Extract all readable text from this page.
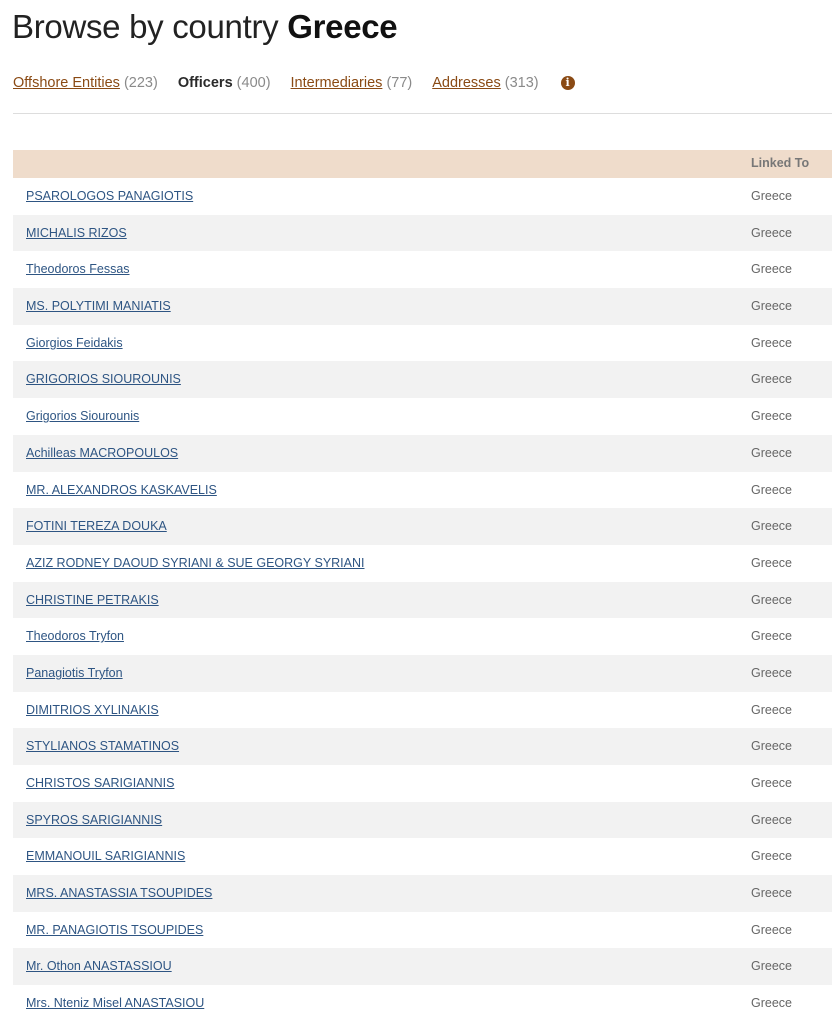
Browse by country Greece
Offshore Entities (223) Officers (400) Intermediaries (77) Addresses (313)	i
Linked To
PSAROLOGOS PANAGIOTIS	Greece
MICHALIS RIZOS	Greece
Theodoros Fessas	Greece
MS. POLYTIMI MANIATIS	Greece
Giorgios Feidakis	Greece
GRIGORIOS SIOUROUNIS	Greece
Grigorios Siourounis	Greece
Achilleas MACROPOULOS	Greece
MR. ALEXANDROS KASKAVELIS	Greece
FOTINI TEREZA DOUKA	Greece
AZIZ RODNEY DAOUD SYRIANI & SUE GEORGY SYRIANI	Greece
CHRISTINE PETRAKIS	Greece
Theodoros Tryfon	Greece
Panagiotis Tryfon	Greece
DIMITRIOS XYLINAKIS	Greece
STYLIANOS STAMATINOS	Greece
CHRISTOS SARIGIANNIS	Greece
SPYROS SARIGIANNIS	Greece
EMMANOUIL SARIGIANNIS	Greece
MRS. ANASTASSIA TSOUPIDES	Greece
MR. PANAGIOTIS TSOUPIDES	Greece
Mr. Othon ANASTASSIOU	Greece
Mrs. Nteniz Misel ANASTASIOU	Greece
